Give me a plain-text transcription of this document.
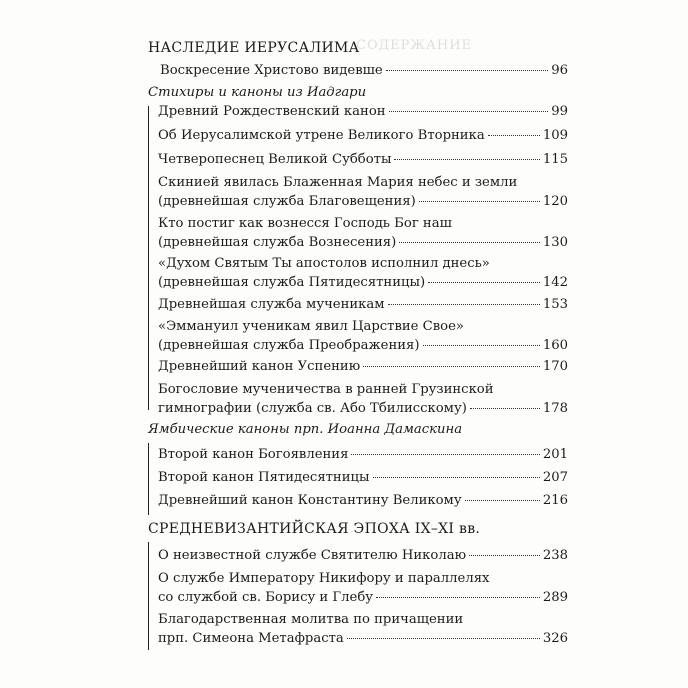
СОДЕРЖАНИЕ
НАСЛЕДИЕ ИЕРУСАЛИМА
Воскресение Христово видевше	96
Стихиры и каноны из Иадгари
Древний Рождественский канон	99
Об Иерусалимской утрене Великого Вторника	109
Четверопеснец Великой Субботы	115
Скинией явилась Блаженная Мария небес и земли
(древнейшая служба Благовещения)	120
Кто постиг как вознесся Господь Бог наш
(древнейшая служба Вознесения)	130
«Духом Святым Ты апостолов исполнил днесь»
(древнейшая служба Пятидесятницы)	142
Древнейшая служба мученикам	153
«Эммануил ученикам явил Царствие Свое»
(древнейшая служба Преображения)	160
Древнейший канон Успению	170
Богословие мученичества в ранней Грузинской
гимнографии (служба св. Або Тбилисскому)	178
Ямбические каноны прп. Иоанна Дамаскина
Второй канон Богоявления	201
Второй канон Пятидесятницы	207
Древнейший канон Константину Великому	216
СРЕДНЕВИЗАНТИЙСКАЯ ЭПОХА IX–XI вв.
О неизвестной службе Святителю Николаю	238
О службе Императору Никифору и параллелях
со службой св. Борису и Глебу	289
Благодарственная молитва по причащении
прп. Симеона Метафраста	326
